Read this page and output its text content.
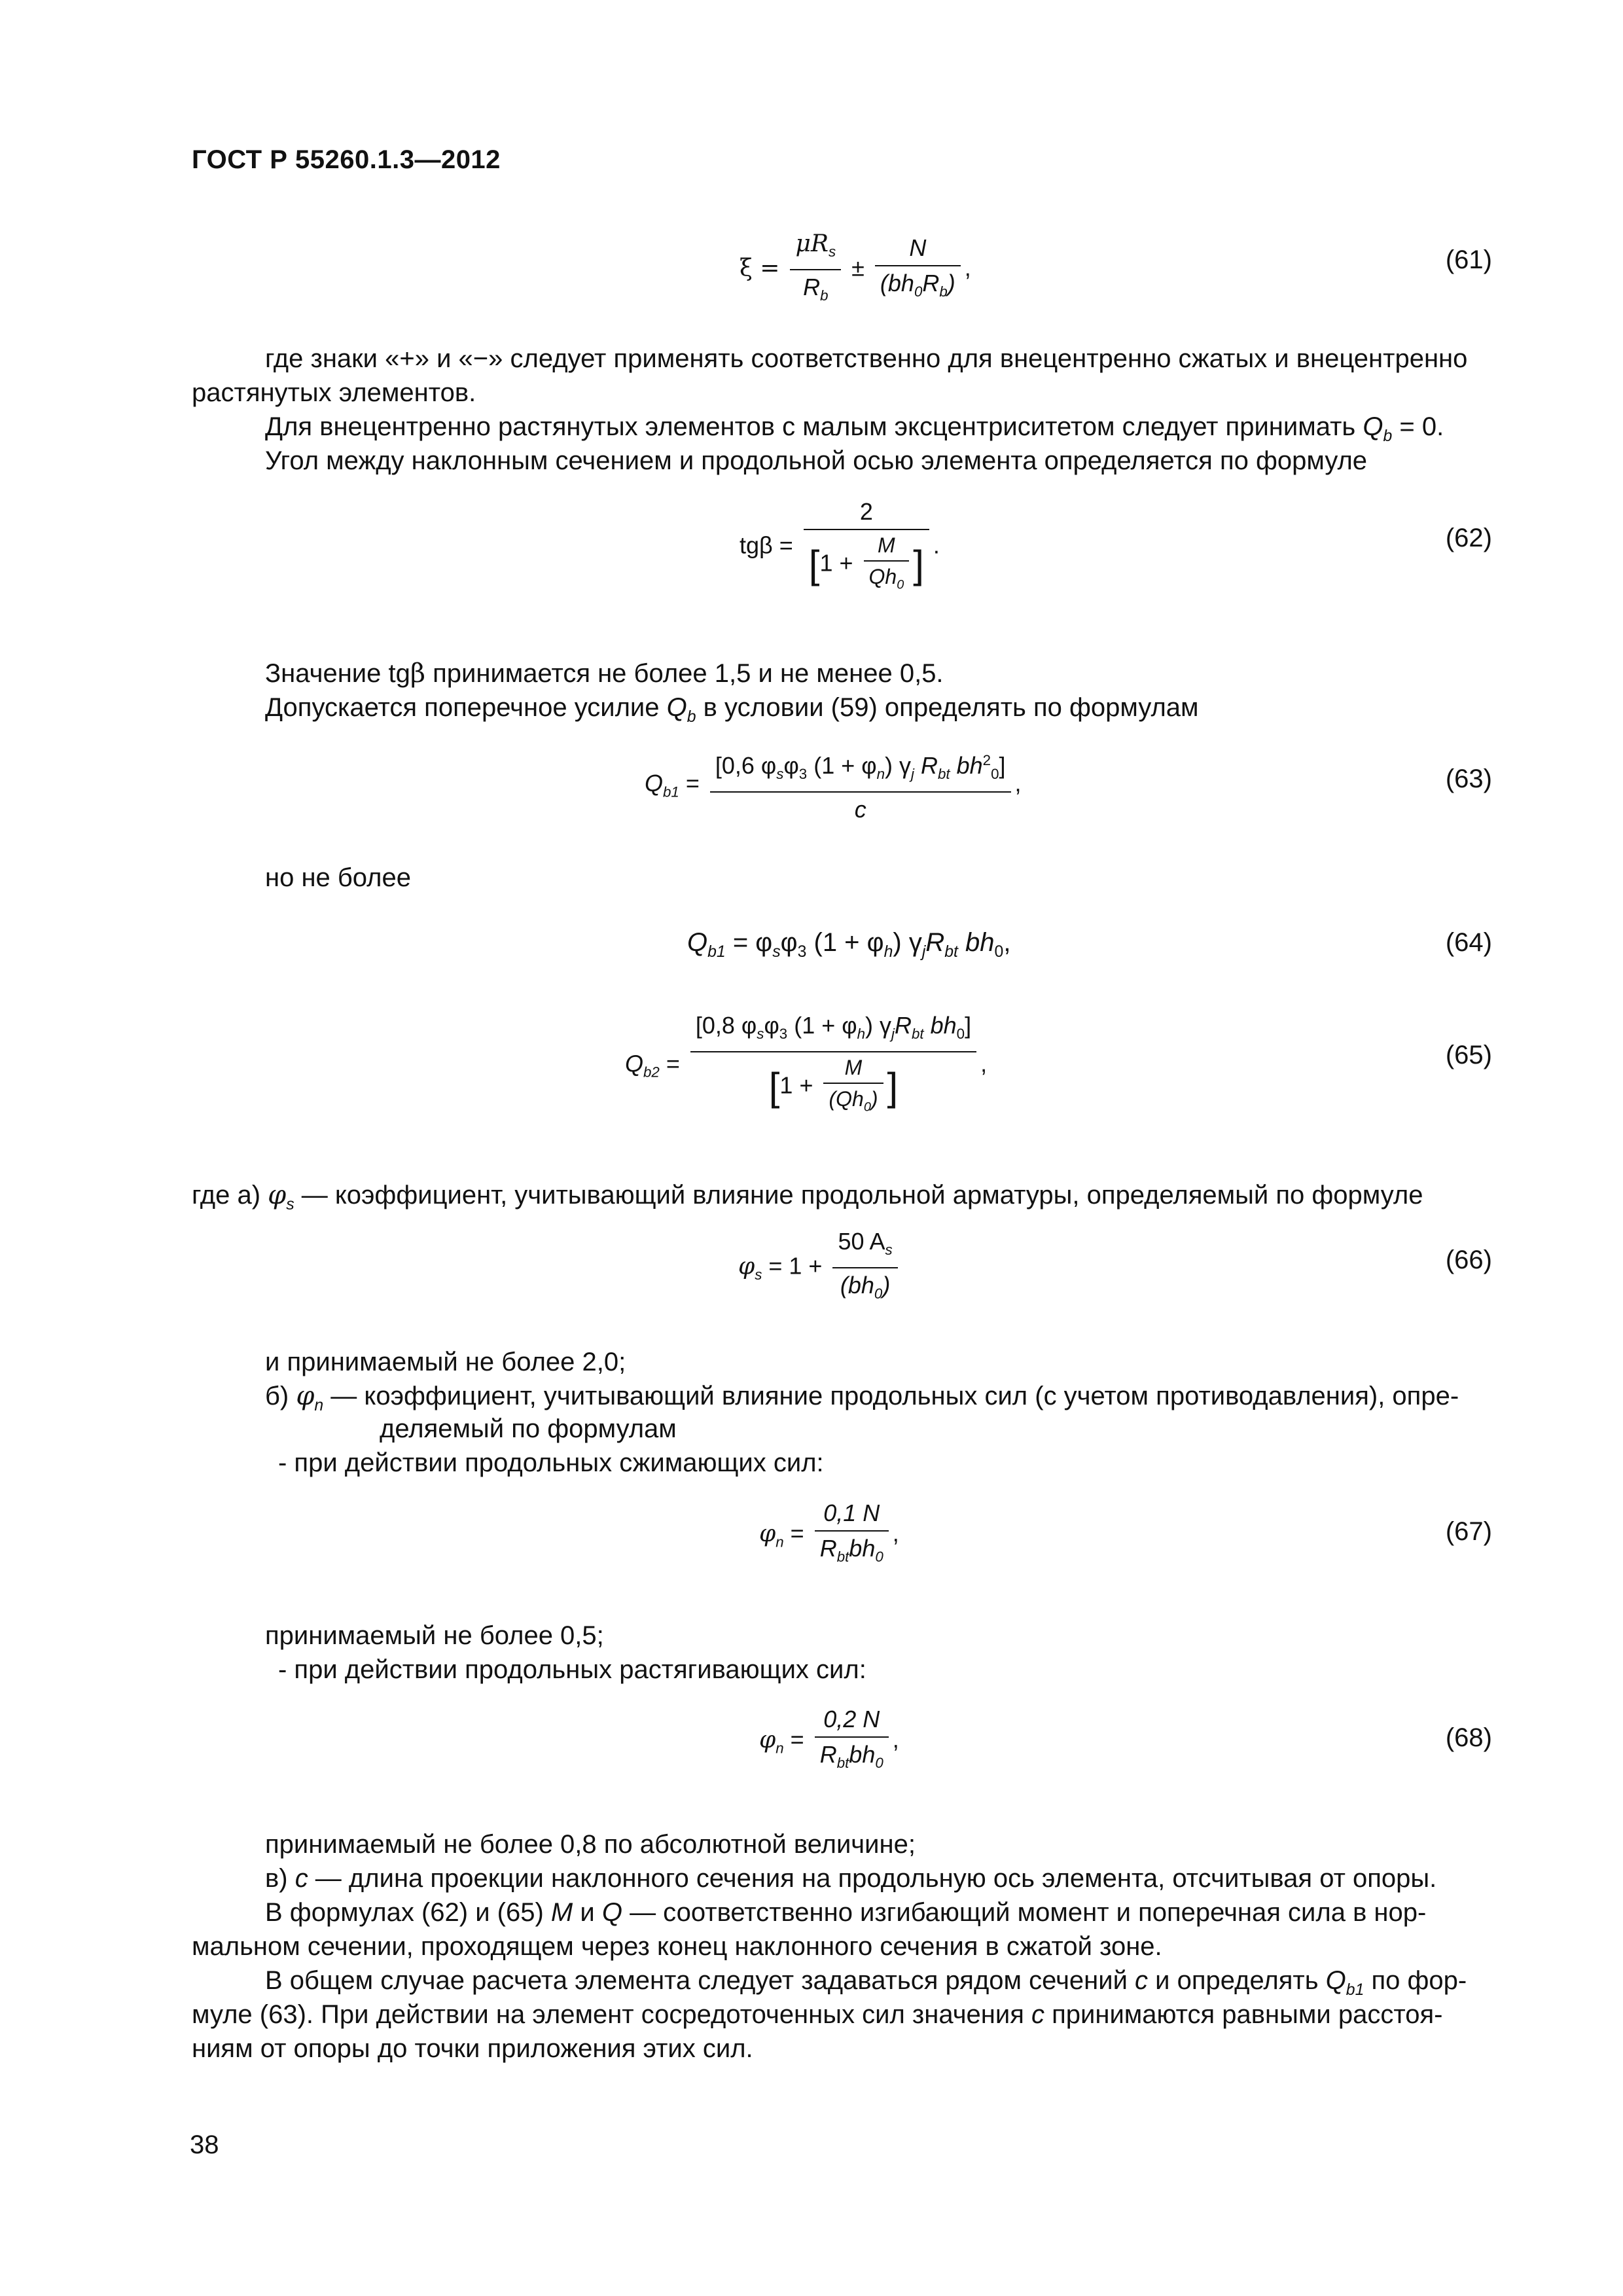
ГОСТ Р 55260.1.3—2012
$\xi = \frac{\mu R_s}{R_b} \pm \frac{N}{(bh_0R_b)}$ ,	(61)
где знаки «+» и «−» следует применять соответственно для внецентренно сжатых и внецентренно
растянутых элементов.
Для внецентренно растянутых элементов с малым эксцентриситетом следует принимать $Q_b = 0$.
Угол между наклонным сечением и продольной осью элемента определяется по формуле
$tg\beta = \frac{2}{[1 + \frac{M}{Qh_0} ]}$ .	(62)
Значение tgβ принимается не более 1,5 и не менее 0,5.
Допускается поперечное усилие $Q_b$ в условии (59) определять по формулам
$Q_{b1} = \frac{[0,6 \varphi_s\varphi_3 (1 + \varphi_n) \gamma_j R_{bt} bh^2_0]}{c}$ ,	(63)
но не более
$Q_{b1} = \varphi_s\varphi_3$ $(1 + \varphi_h)$ $\gamma_jR_{bt}$ $bh_0$,	(64)
$Q_{b2}$ =
[0,8 $\varphi_s\varphi_3$ $(1 + \varphi_h)$ $\gamma_jR_{bt}$ $bh_0$]
[$1 + \frac{M}{(Qh_0)}$ ]
,	(65)
где а) $\varphi_s$ — коэффициент, учитывающий влияние продольной арматуры, определяемый по формуле
$\varphi_s = 1 + \frac{50 A_s}{(bh_0)}$	(66)
и принимаемый не более 2,0;
б) $\varphi_n$ — коэффициент, учитывающий влияние продольных сил (с учетом противодавления), опре-
деляемый по формулам
- при действии продольных сжимающих сил:
$\varphi_n = \frac{0,1 N}{R_{bt}bh_0}$ ,	(67)
принимаемый не более 0,5;
- при действии продольных растягивающих сил:
$\varphi_n = \frac{0,2 N}{R_{bt}bh_0}$ ,	(68)
принимаемый не более 0,8 по абсолютной величине;
в) c — длина проекции наклонного сечения на продольную ось элемента, отсчитывая от опоры.
В формулах (62) и (65) M и Q — соответственно изгибающий момент и поперечная сила в нор-
мальном сечении, проходящем через конец наклонного сечения в сжатой зоне.
В общем случае расчета элемента следует задаваться рядом сечений c и определять $Q_{b1}$ по фор-
муле (63). При действии на элемент сосредоточенных сил значения c принимаются равными расстоя-
ниям от опоры до точки приложения этих сил.
38
